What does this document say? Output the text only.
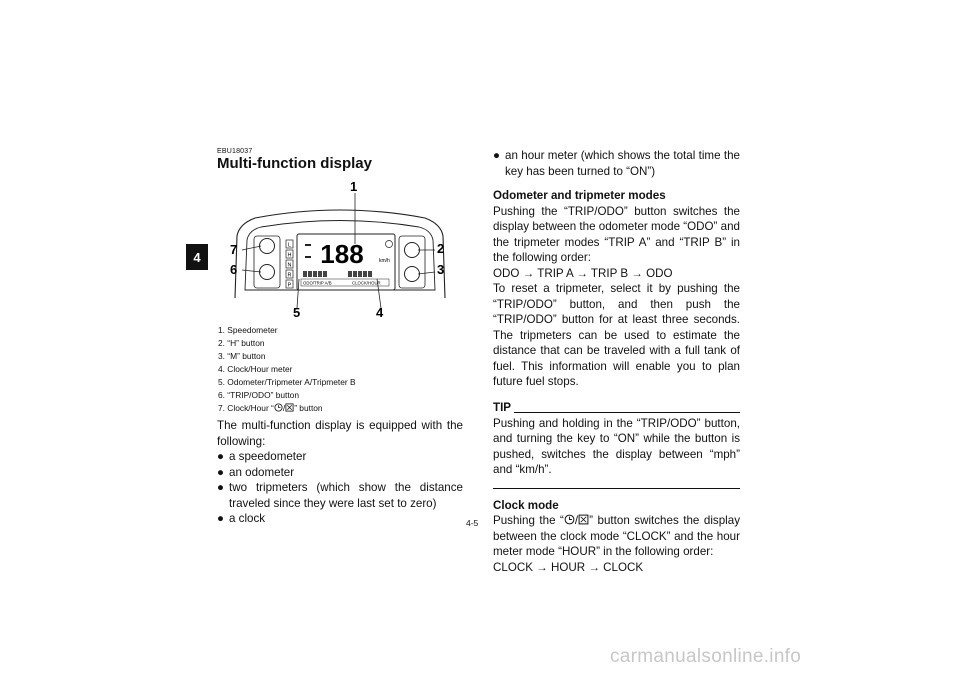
4
EBU18037
Multi-function display
L
H
N
R
P
188	km/h
ODO/TRIP A/B	CLOCK/HOUR
1
2
3
4
5
6
7
1. Speedometer
2. “H” button
3. “M” button
4. Clock/Hour meter
5. Odometer/Tripmeter A/Tripmeter B
6. “TRIP/ODO” button
7. Clock/Hour “ / ” button

The multi-function display is equipped with the following:

● a speedometer
● an odometer
● two tripmeters (which show the distance traveled since they were last set to zero)
● a clock
● an hour meter (which shows the total time the key has been turned to “ON”)
Odometer and tripmeter modes

Pushing the “TRIP/ODO” button switches the display between the odometer mode “ODO” and the tripmeter modes “TRIP A” and “TRIP B” in the following order:

ODO → TRIP A → TRIP B → ODO

To reset a tripmeter, select it by pushing the “TRIP/ODO” button, and then push the “TRIP/ODO” button for at least three seconds. The tripmeters can be used to estimate the distance that can be traveled with a full tank of fuel. This information will enable you to plan future fuel stops.

TIP

Pushing and holding in the “TRIP/ODO” button, and turning the key to “ON” while the button is pushed, switches the display between “mph” and “km/h”.

Clock mode

Pushing the “ / ” button switches the display between the clock mode “CLOCK” and the hour meter mode “HOUR” in the following order:

CLOCK → HOUR → CLOCK

4-5
carmanualsonline.info
